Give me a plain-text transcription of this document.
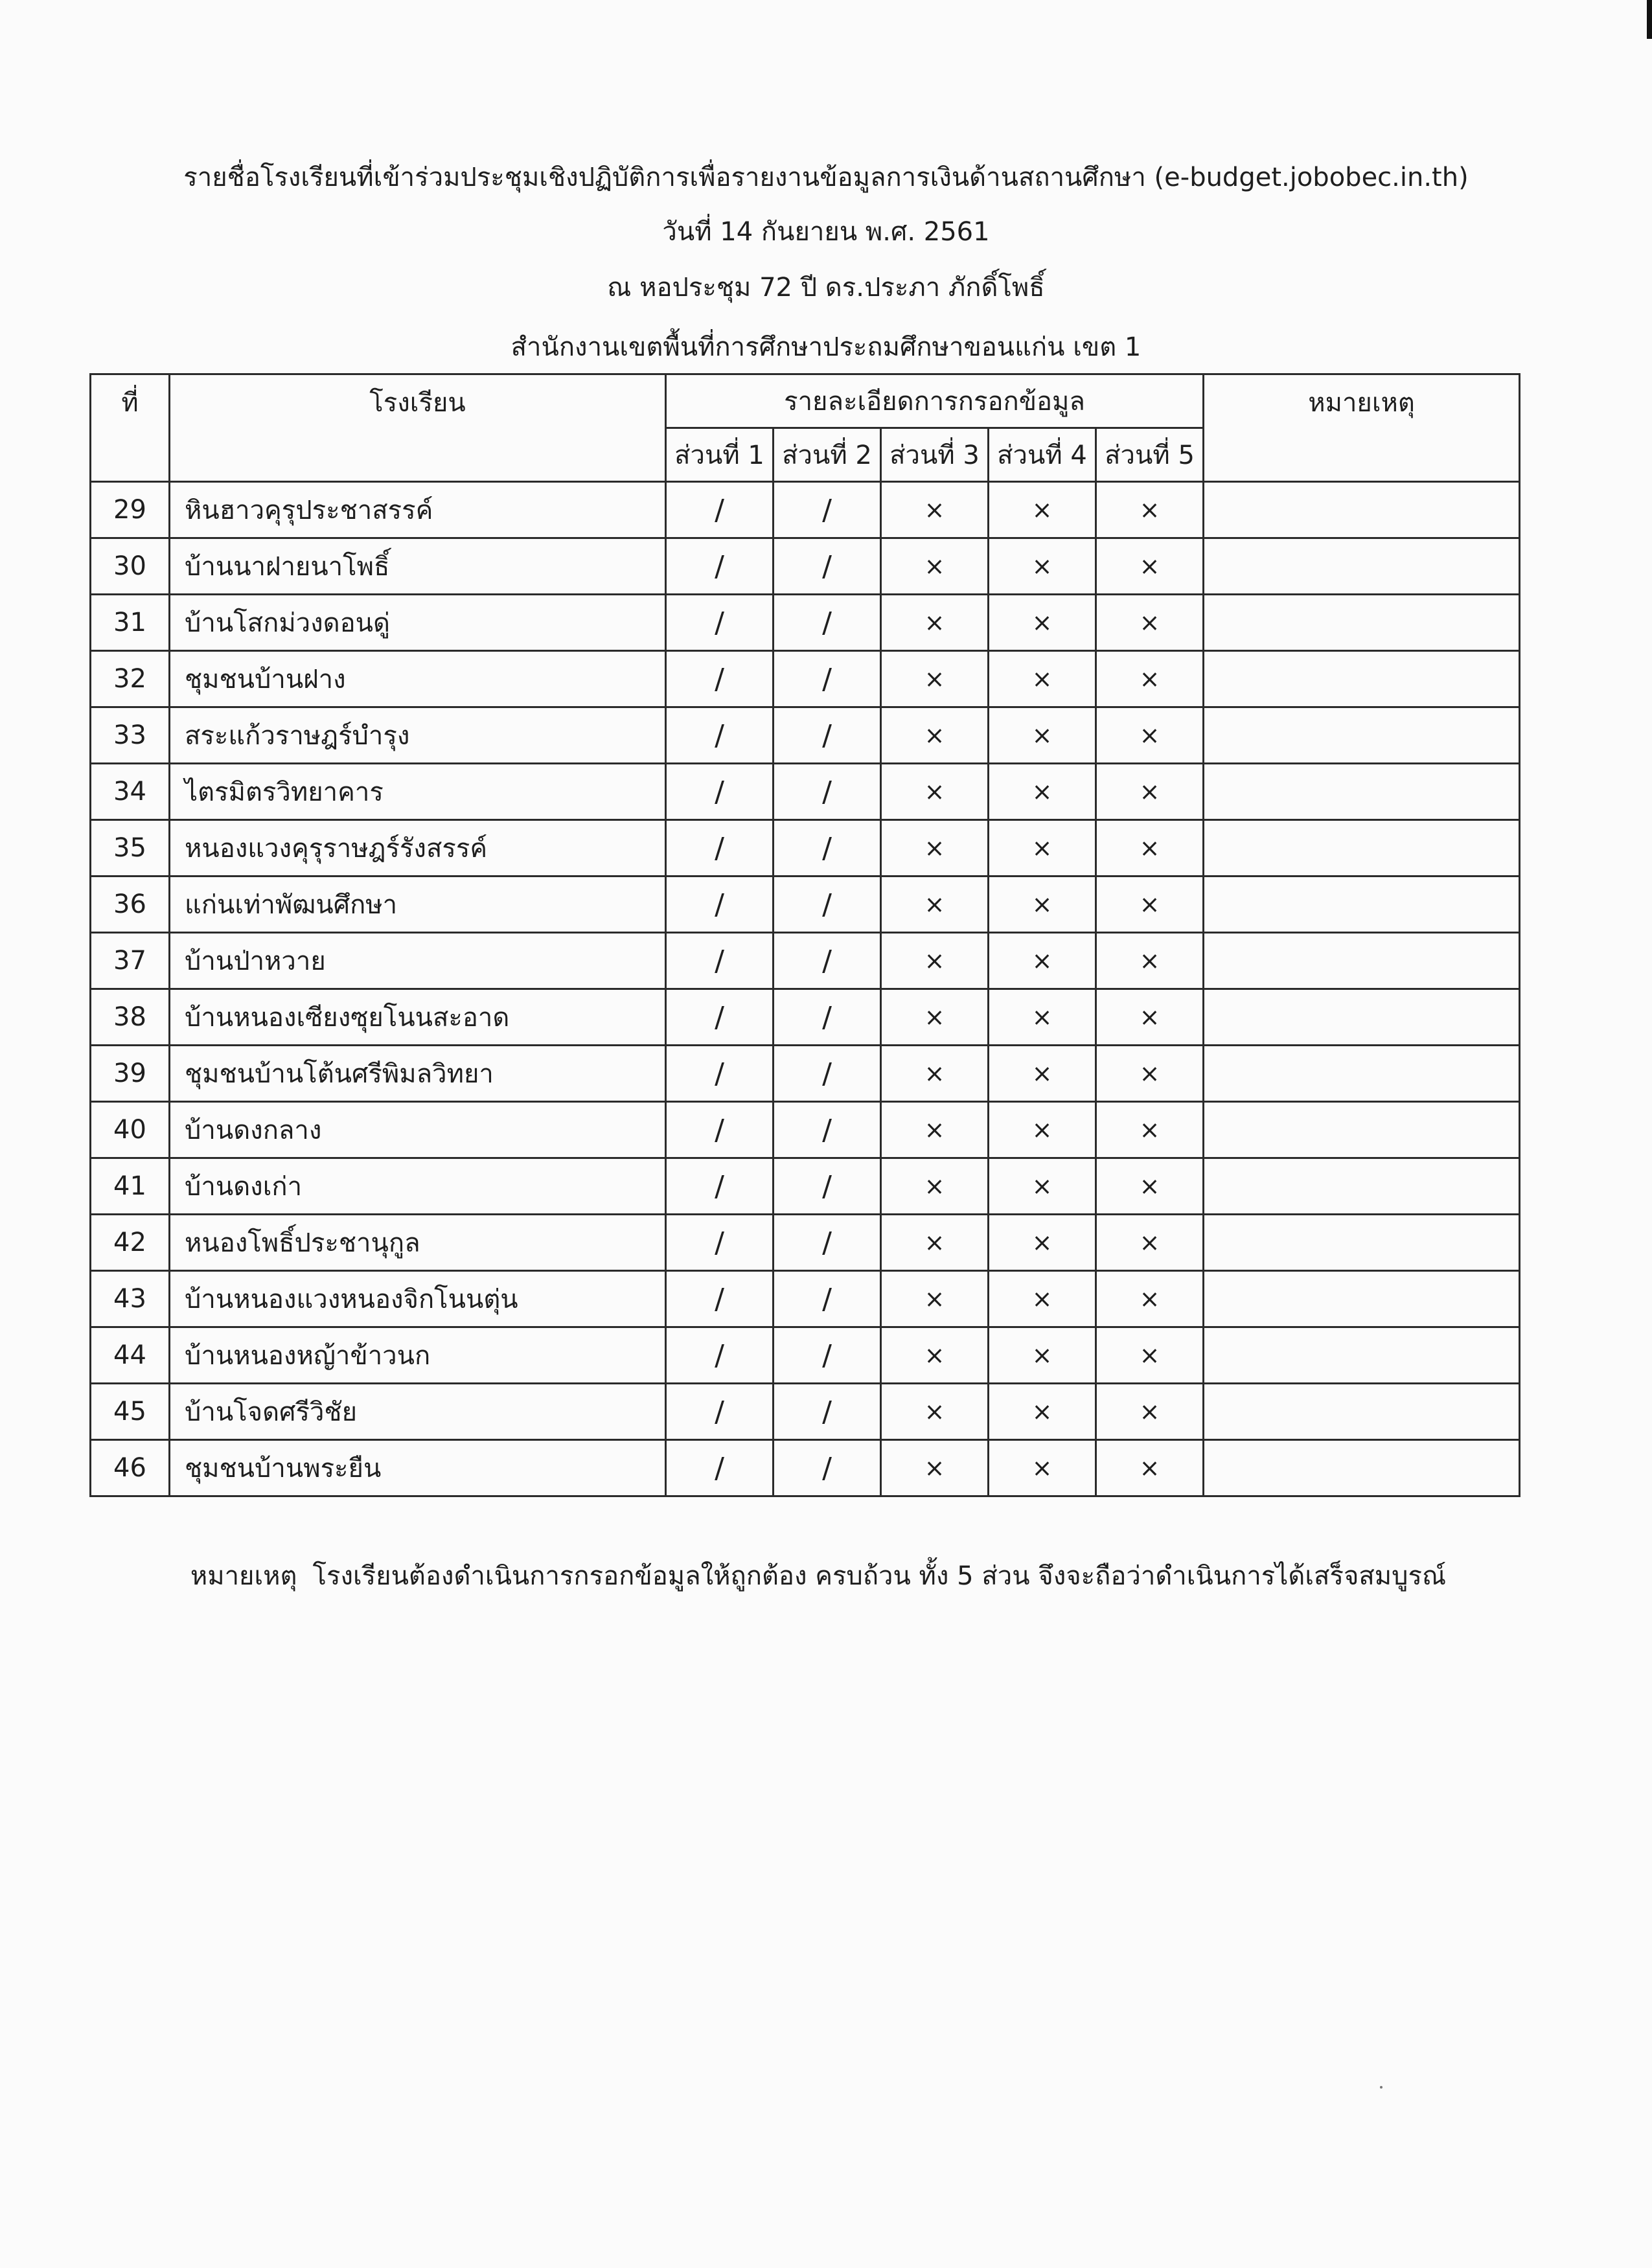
รายชื่อโรงเรียนที่เข้าร่วมประชุมเชิงปฏิบัติการเพื่อรายงานข้อมูลการเงินด้านสถานศึกษา (e-budget.jobobec.in.th)
วันที่ 14 กันยายน พ.ศ. 2561
ณ หอประชุม 72 ปี ดร.ประภา ภักดิ์โพธิ์
สำนักงานเขตพื้นที่การศึกษาประถมศึกษาขอนแก่น เขต 1
ที่	โรงเรียน	รายละเอียดการกรอกข้อมูล					หมายเหตุ
		ส่วนที่ 1	ส่วนที่ 2	ส่วนที่ 3	ส่วนที่ 4	ส่วนที่ 5	
29	หินฮาวคุรุประชาสรรค์	/	/	×	×	×	
30	บ้านนาฝายนาโพธิ์	/	/	×	×	×	
31	บ้านโสกม่วงดอนดู่	/	/	×	×	×	
32	ชุมชนบ้านฝาง	/	/	×	×	×	
33	สระแก้วราษฎร์บำรุง	/	/	×	×	×	
34	ไตรมิตรวิทยาคาร	/	/	×	×	×	
35	หนองแวงคุรุราษฎร์รังสรรค์	/	/	×	×	×	
36	แก่นเท่าพัฒนศึกษา	/	/	×	×	×	
37	บ้านป่าหวาย	/	/	×	×	×	
38	บ้านหนองเซียงซุยโนนสะอาด	/	/	×	×	×	
39	ชุมชนบ้านโต้นศรีพิมลวิทยา	/	/	×	×	×	
40	บ้านดงกลาง	/	/	×	×	×	
41	บ้านดงเก่า	/	/	×	×	×	
42	หนองโพธิ์ประชานุกูล	/	/	×	×	×	
43	บ้านหนองแวงหนองจิกโนนตุ่น	/	/	×	×	×	
44	บ้านหนองหญ้าข้าวนก	/	/	×	×	×	
45	บ้านโจดศรีวิชัย	/	/	×	×	×	
46	ชุมชนบ้านพระยืน	/	/	×	×	×	
หมายเหตุ โรงเรียนต้องดำเนินการกรอกข้อมูลให้ถูกต้อง ครบถ้วน ทั้ง 5 ส่วน จึงจะถือว่าดำเนินการได้เสร็จสมบูรณ์
